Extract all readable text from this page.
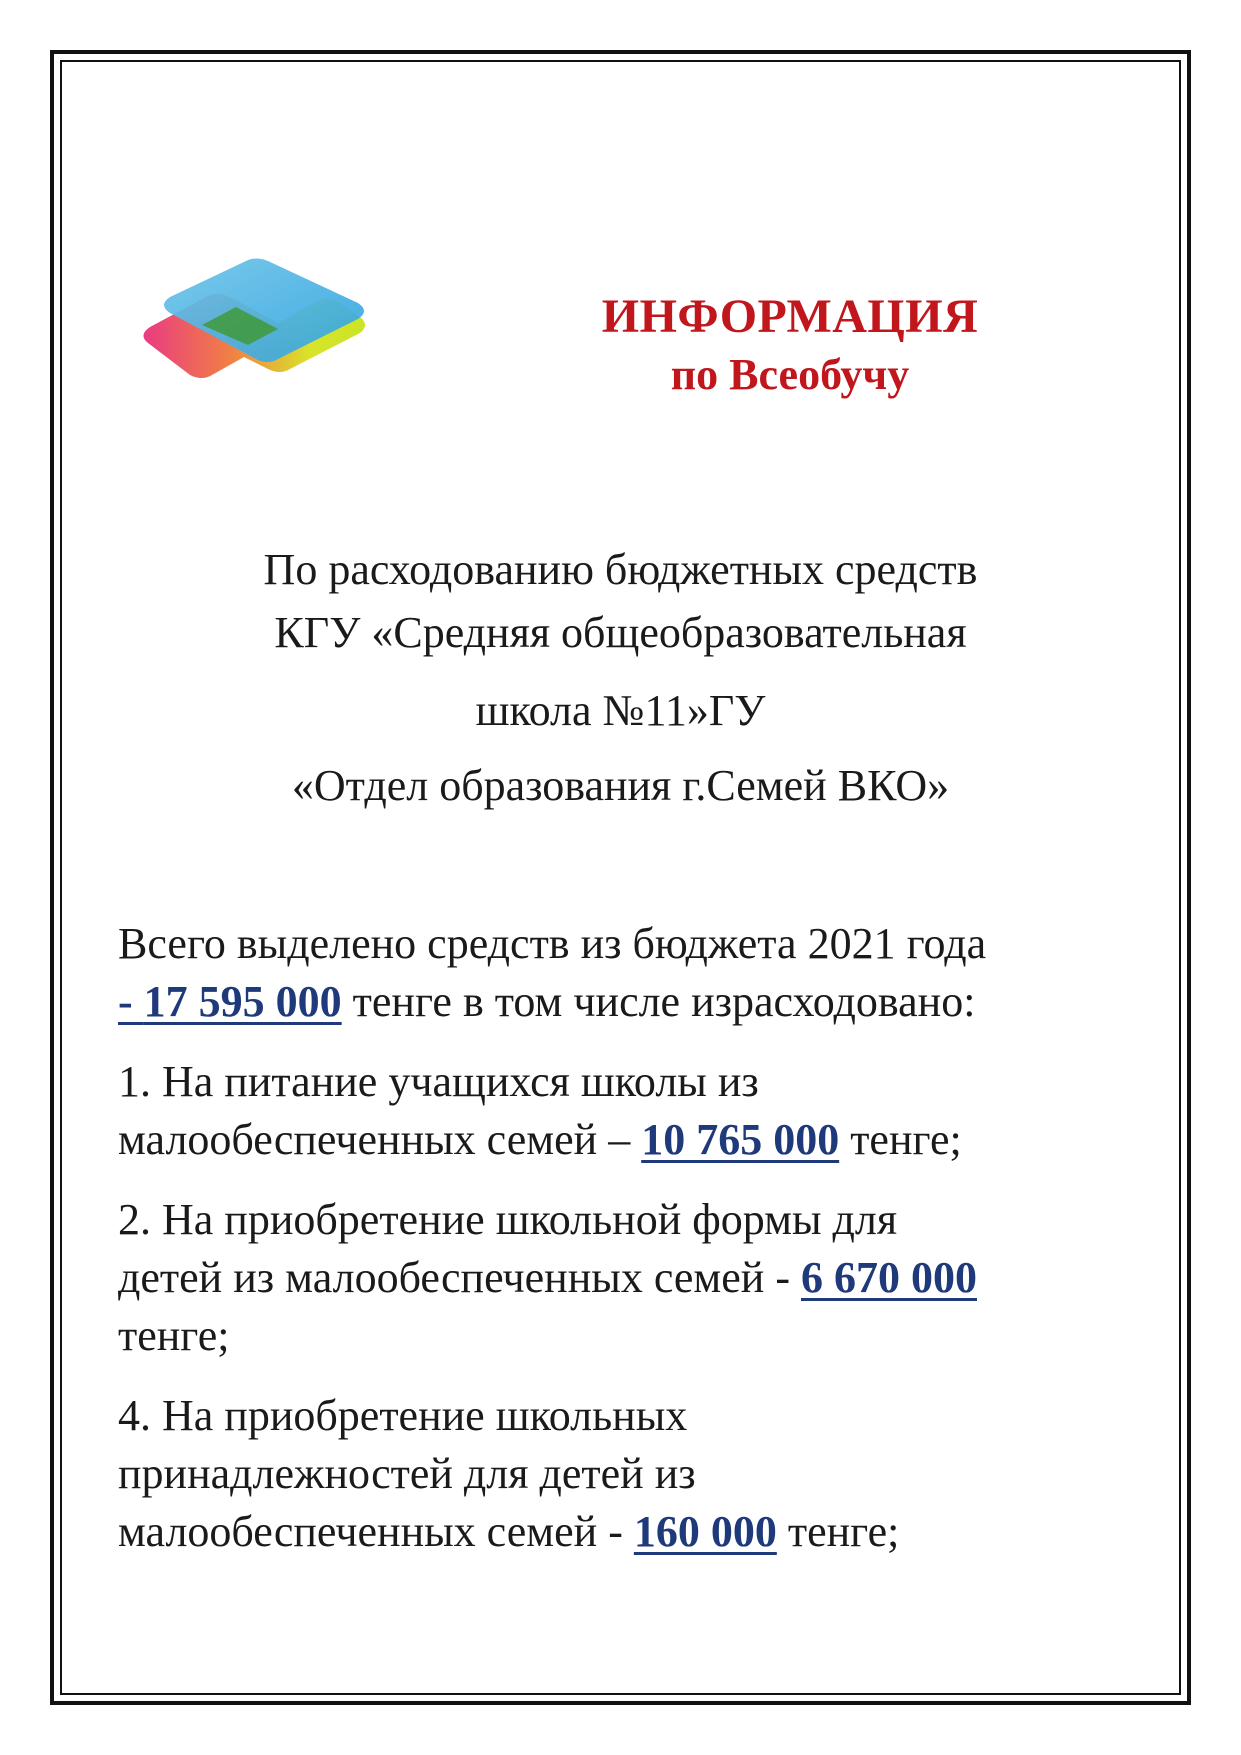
ИНФОРМАЦИЯ
по Всеобучу
По расходованию бюджетных средств
КГУ «Средняя общеобразовательная
школа №11»ГУ
«Отдел образования г.Семей ВКО»
Всего выделено средств из бюджета 2021 года
- 17 595 000 тенге в том числе израсходовано:
1. На питание учащихся школы из
малообеспеченных семей – 10 765 000 тенге;
2. На приобретение школьной формы для
детей из малообеспеченных семей - 6 670 000
тенге;
4. На приобретение школьных
принадлежностей для детей из
малообеспеченных семей - 160 000 тенге;
